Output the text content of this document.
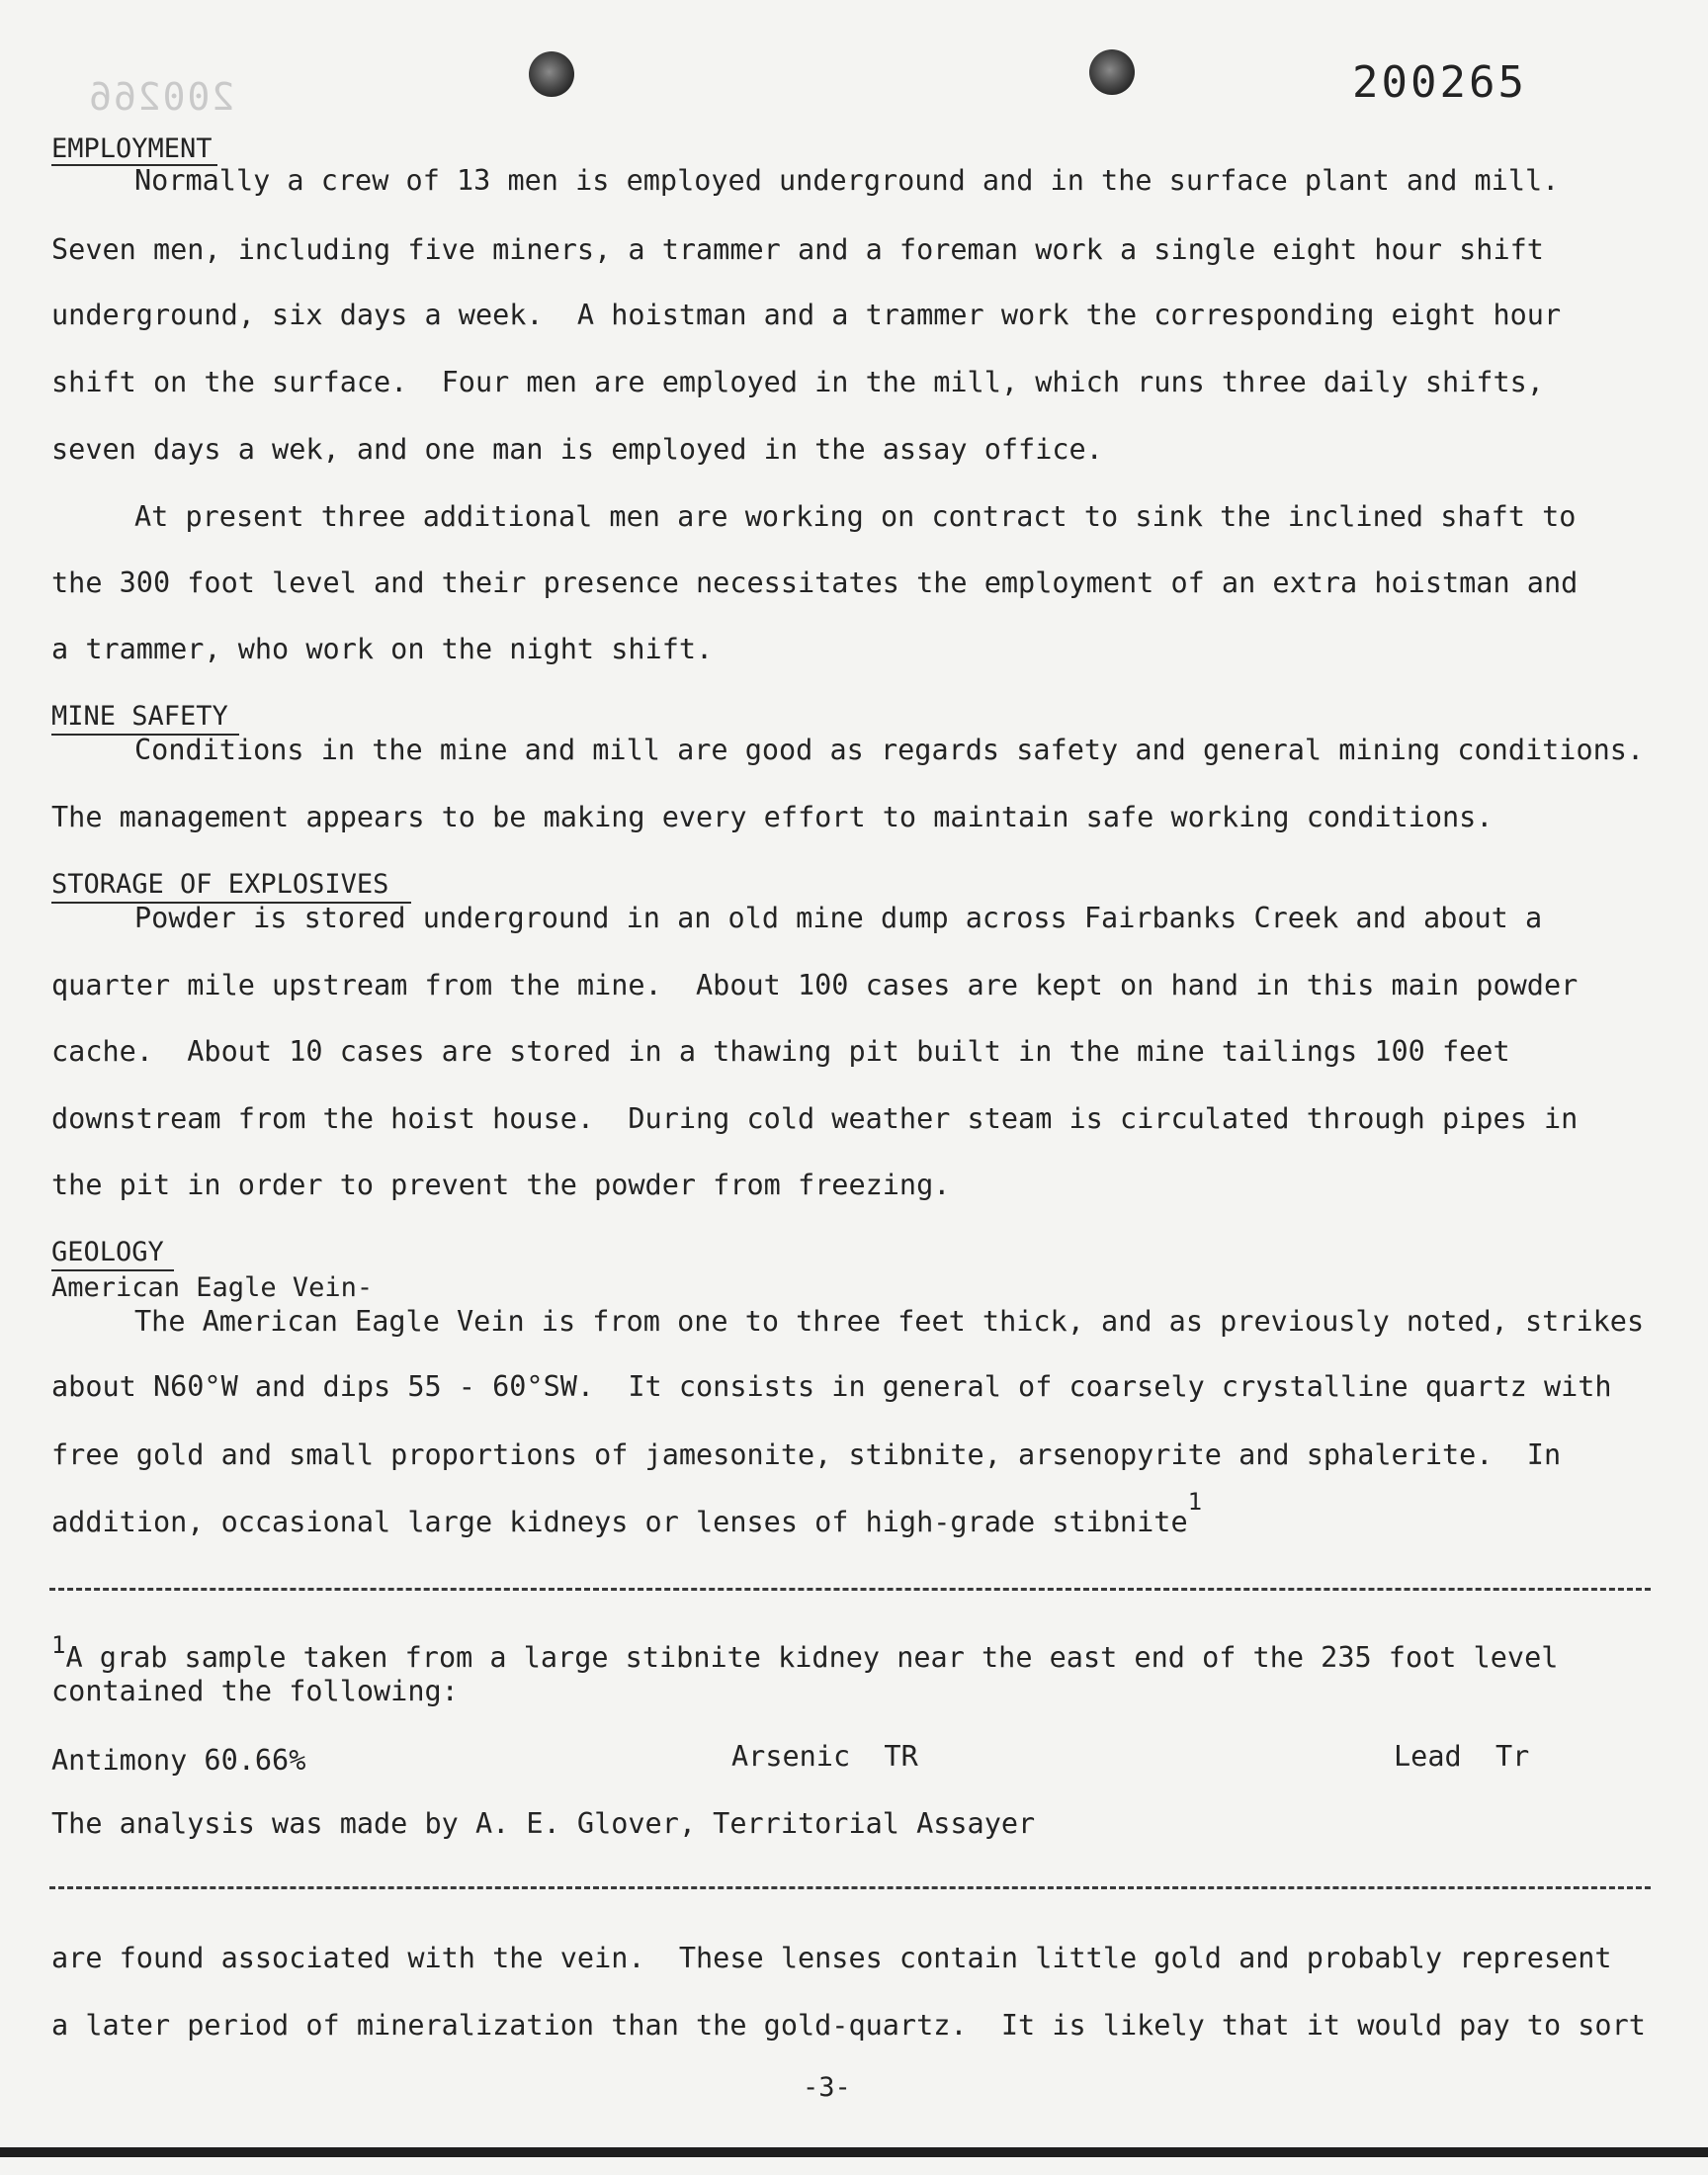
200266	200265
EMPLOYMENT
Normally a crew of 13 men is employed underground and in the surface plant and mill.
Seven men, including five miners, a trammer and a foreman work a single eight hour shift
underground, six days a week.  A hoistman and a trammer work the corresponding eight hour
shift on the surface.  Four men are employed in the mill, which runs three daily shifts,
seven days a wek, and one man is employed in the assay office.
At present three additional men are working on contract to sink the inclined shaft to
the 300 foot level and their presence necessitates the employment of an extra hoistman and
a trammer, who work on the night shift.
MINE SAFETY
Conditions in the mine and mill are good as regards safety and general mining conditions.
The management appears to be making every effort to maintain safe working conditions.
STORAGE OF EXPLOSIVES
Powder is stored underground in an old mine dump across Fairbanks Creek and about a
quarter mile upstream from the mine.  About 100 cases are kept on hand in this main powder
cache.  About 10 cases are stored in a thawing pit built in the mine tailings 100 feet
downstream from the hoist house.  During cold weather steam is circulated through pipes in
the pit in order to prevent the powder from freezing.
GEOLOGY
American Eagle Vein-
The American Eagle Vein is from one to three feet thick, and as previously noted, strikes
about N60°W and dips 55 - 60°SW.  It consists in general of coarsely crystalline quartz with
free gold and small proportions of jamesonite, stibnite, arsenopyrite and sphalerite.  In
addition, occasional large kidneys or lenses of high-grade stibnite$^1$
$^1$A grab sample taken from a large stibnite kidney near the east end of the 235 foot level
contained the following:
Antimony 60.66%	Arsenic  TR	Lead  Tr
The analysis was made by A. E. Glover, Territorial Assayer
are found associated with the vein.  These lenses contain little gold and probably represent
a later period of mineralization than the gold-quartz.  It is likely that it would pay to sort
-3-
